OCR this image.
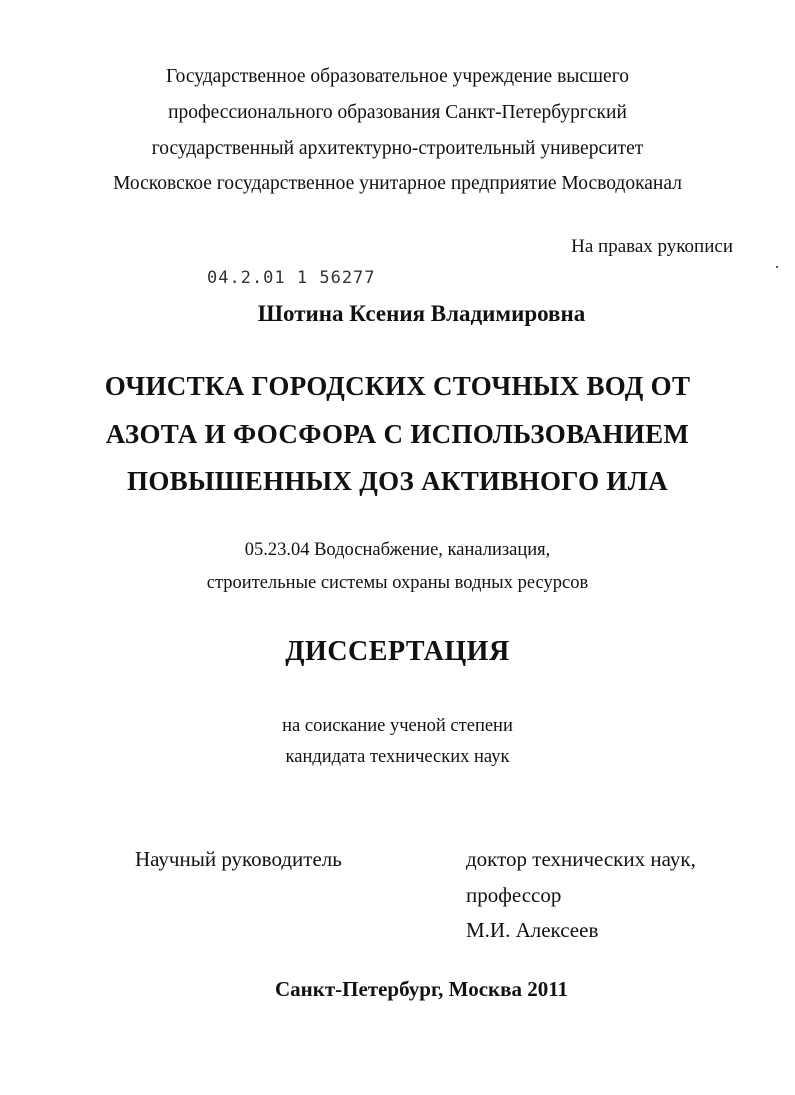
Государственное образовательное учреждение высшего
профессионального образования Санкт-Петербургский
государственный архитектурно-строительный университет
Московское государственное унитарное предприятие Мосводоканал
На правах рукописи
04.2.01 1 56277
Шотина Ксения Владимировна
ОЧИСТКА ГОРОДСКИХ СТОЧНЫХ ВОД ОТ
АЗОТА И ФОСФОРА С ИСПОЛЬЗОВАНИЕМ
ПОВЫШЕННЫХ ДОЗ АКТИВНОГО ИЛА
05.23.04 Водоснабжение, канализация,
строительные системы охраны водных ресурсов
ДИССЕРТАЦИЯ
на соискание ученой степени
кандидата технических наук
Научный руководитель	доктор технических наук,
профессор
М.И. Алексеев
Санкт-Петербург, Москва 2011
